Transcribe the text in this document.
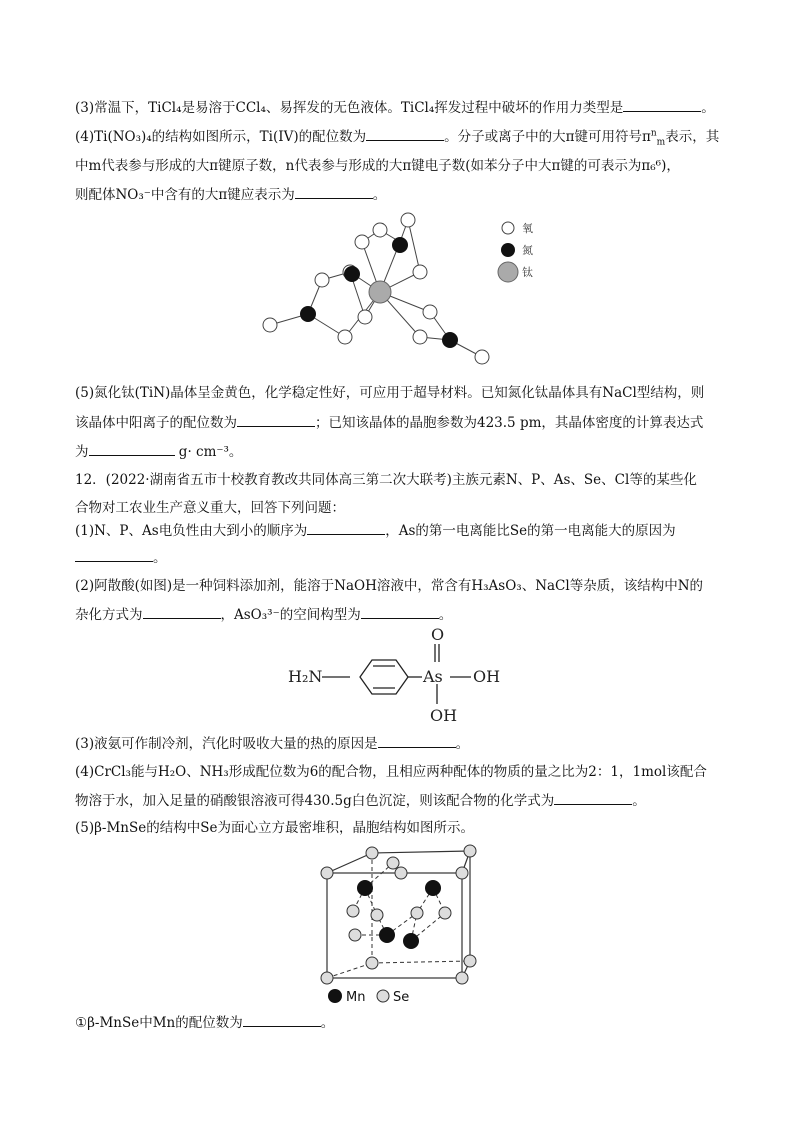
(3)常温下，TiCl₄是易溶于CCl₄、易挥发的无色液体。TiCl₄挥发过程中破坏的作用力类型是	。
(4)Ti(NO₃)₄的结构如图所示，Ti(IV)的配位数为	。分子或离子中的大π键可用符号$\pi^n_m$表示，其
中m代表参与形成的大π键原子数，n代表参与形成的大π键电子数(如苯分子中大π键的可表示为π₆⁶)，
则配体NO₃⁻中含有的大π键应表示为	。
氧
氮
钛
(5)氮化钛(TiN)晶体呈金黄色，化学稳定性好，可应用于超导材料。已知氮化钛晶体具有NaCl型结构，则
该晶体中阳离子的配位数为	；已知该晶体的晶胞参数为423.5 pm，其晶体密度的计算表达式
为	g· cm⁻³。
12．(2022·湖南省五市十校教育教改共同体高三第二次大联考)主族元素N、P、As、Se、Cl等的某些化
合物对工农业生产意义重大，回答下列问题：
(1)N、P、As电负性由大到小的顺序为	，As的第一电离能比Se的第一电离能大的原因为
。
(2)阿散酸(如图)是一种饲料添加剂，能溶于NaOH溶液中，常含有H₃AsO₃、NaCl等杂质，该结构中N的
杂化方式为	，AsO₃³⁻的空间构型为	。
H₂N	As OH
OH
O
(3)液氨可作制冷剂，汽化时吸收大量的热的原因是	。
(4)CrCl₃能与H₂O、NH₃形成配位数为6的配合物，且相应两种配体的物质的量之比为2：1，1mol该配合
物溶于水，加入足量的硝酸银溶液可得430.5g白色沉淀，则该配合物的化学式为	。
(5)β-MnSe的结构中Se为面心立方最密堆积，晶胞结构如图所示。
Mn Se
①β-MnSe中Mn的配位数为	。
